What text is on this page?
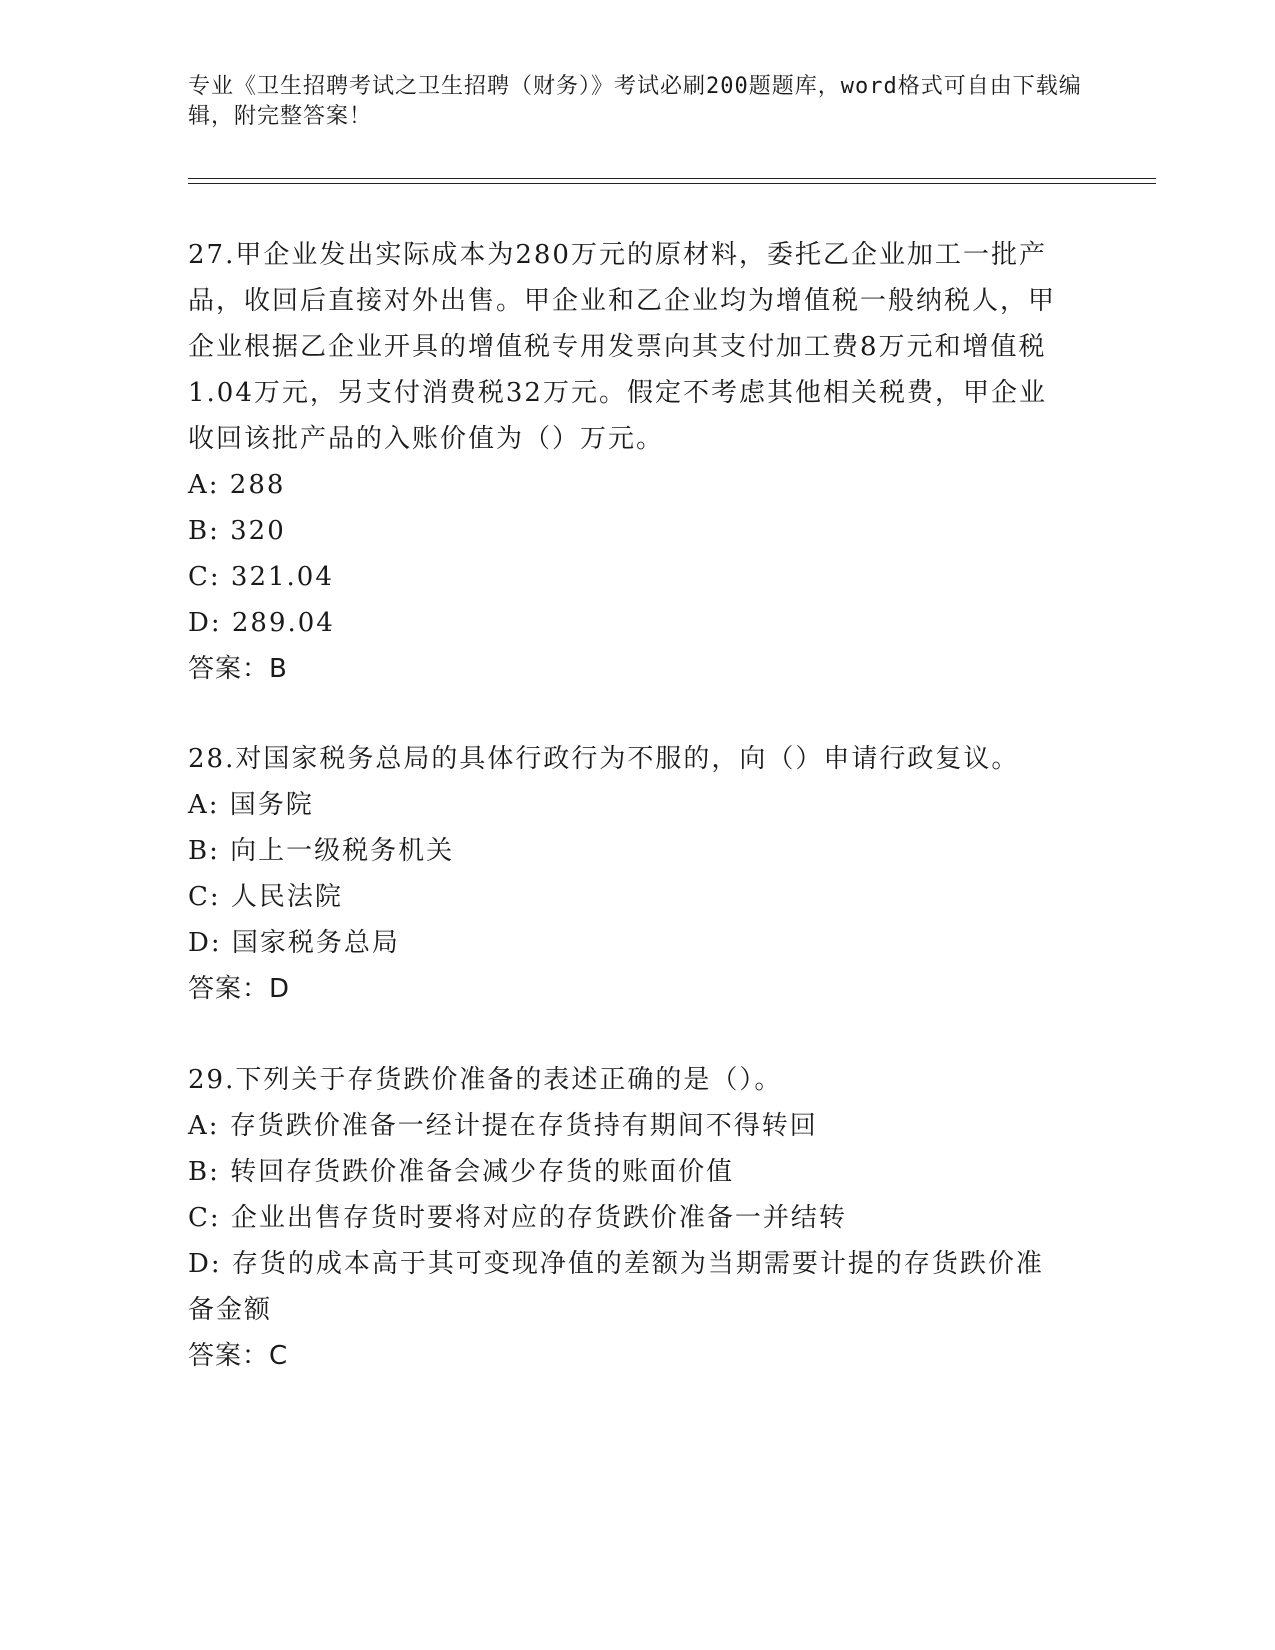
专业《卫生招聘考试之卫生招聘（财务）》考试必刷200题题库，word格式可自由下载编辑，附完整答案！

27.甲企业发出实际成本为280万元的原材料，委托乙企业加工一批产品，收回后直接对外出售。甲企业和乙企业均为增值税一般纳税人，甲企业根据乙企业开具的增值税专用发票向其支付加工费8万元和增值税1.04万元，另支付消费税32万元。假定不考虑其他相关税费，甲企业收回该批产品的入账价值为（）万元。

A: 288

B: 320

C: 321.04

D: 289.04

答案：B

28.对国家税务总局的具体行政行为不服的，向（）申请行政复议。

A: 国务院

B: 向上一级税务机关

C: 人民法院

D: 国家税务总局

答案：D

29.下列关于存货跌价准备的表述正确的是（）。

A: 存货跌价准备一经计提在存货持有期间不得转回

B: 转回存货跌价准备会减少存货的账面价值

C: 企业出售存货时要将对应的存货跌价准备一并结转

D: 存货的成本高于其可变现净值的差额为当期需要计提的存货跌价准备金额

答案：C
